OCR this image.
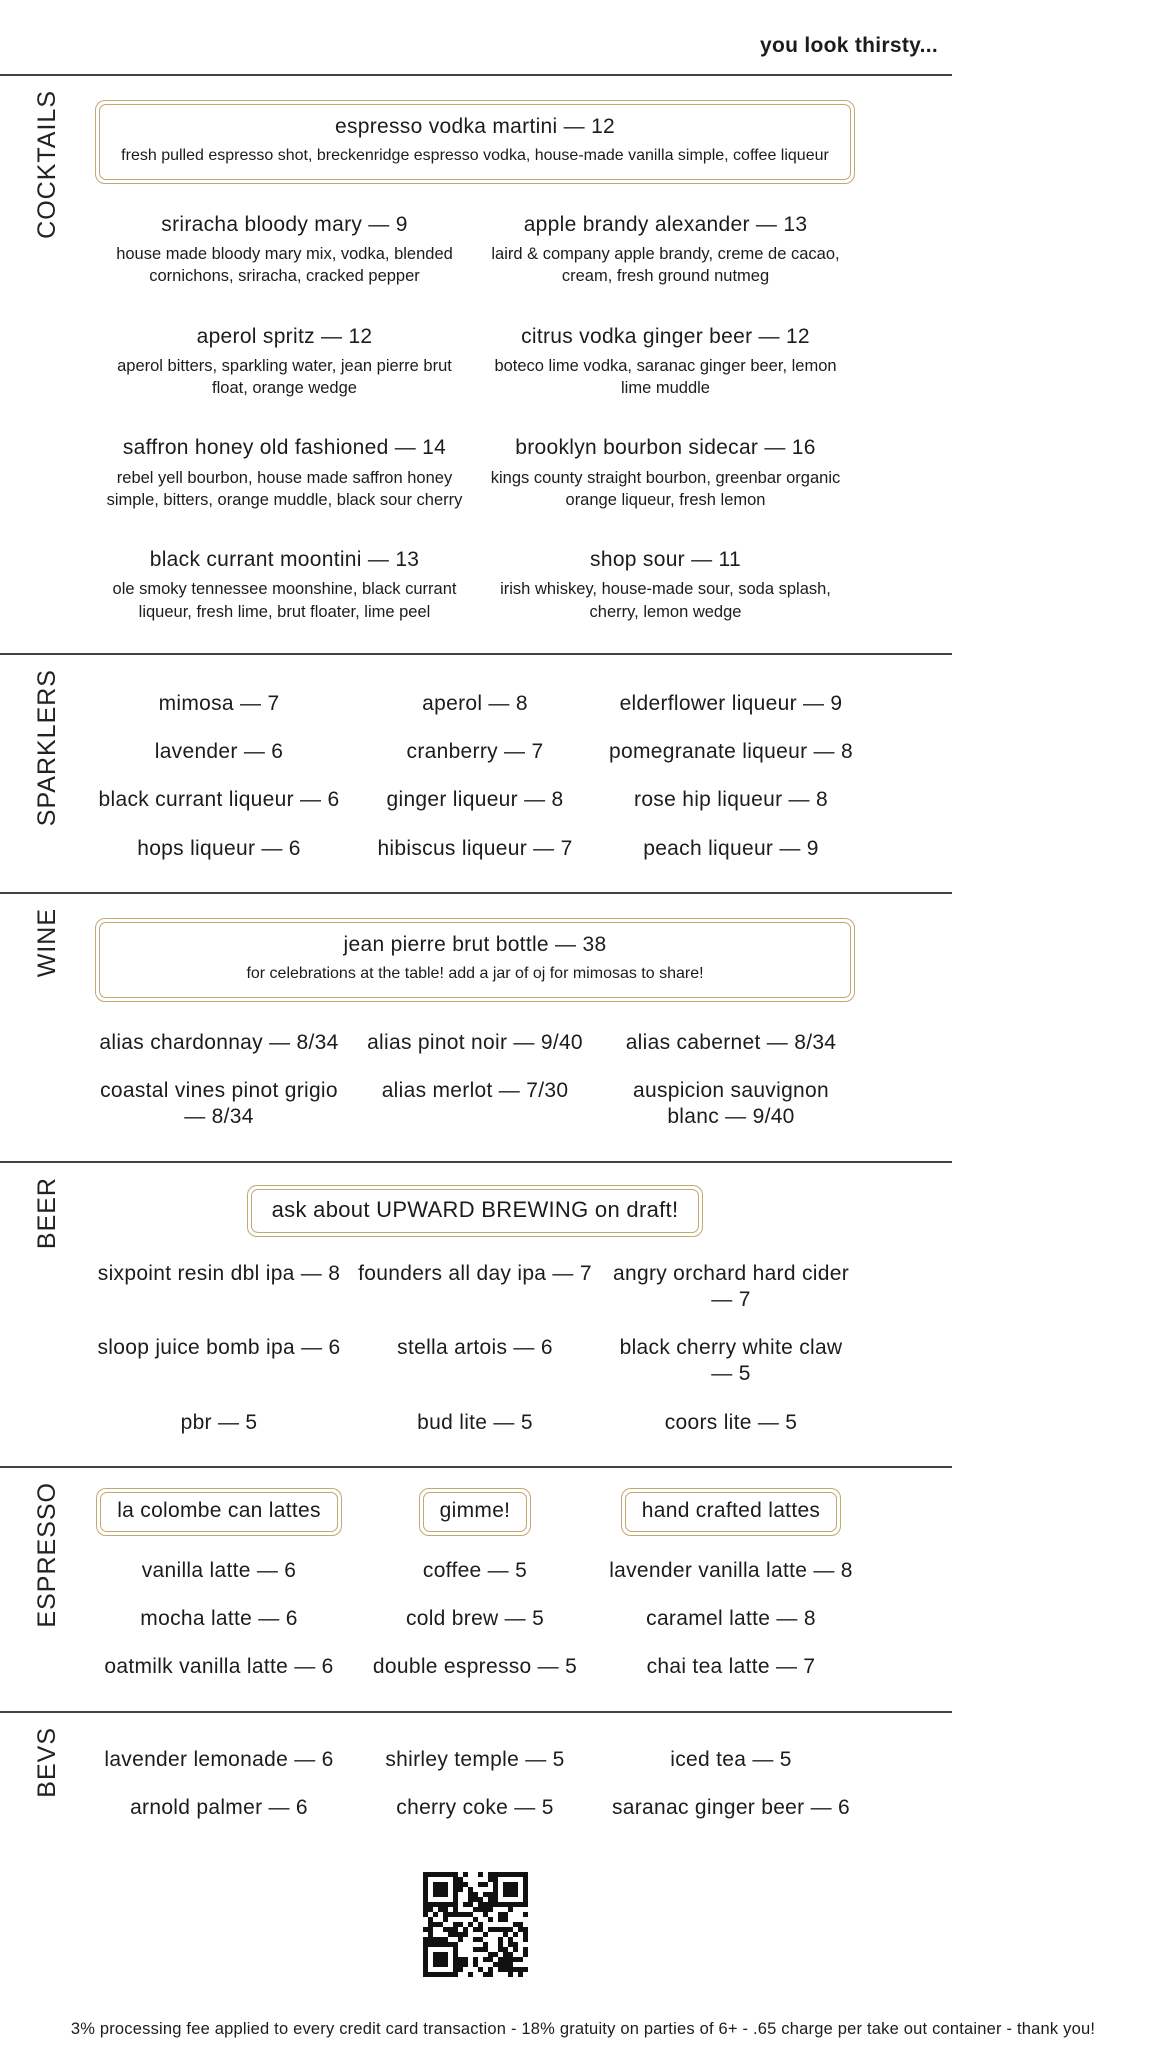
you look thirsty...
COCKTAILS	espresso vodka martini — 12
fresh pulled espresso shot, breckenridge espresso vodka, house-made vanilla simple, coffee liqueur
sriracha bloody mary — 9
house made bloody mary mix, vodka, blended cornichons, sriracha, cracked pepper
apple brandy alexander — 13
laird & company apple brandy, creme de cacao, cream, fresh ground nutmeg
aperol spritz — 12
aperol bitters, sparkling water, jean pierre brut float, orange wedge
citrus vodka ginger beer — 12
boteco lime vodka, saranac ginger beer, lemon lime muddle
saffron honey old fashioned — 14
rebel yell bourbon, house made saffron honey simple, bitters, orange muddle, black sour cherry
brooklyn bourbon sidecar — 16
kings county straight bourbon, greenbar organic orange liqueur, fresh lemon
black currant moontini — 13
ole smoky tennessee moonshine, black currant liqueur, fresh lime, brut floater, lime peel
shop sour — 11
irish whiskey, house-made sour, soda splash, cherry, lemon wedge
SPARKLERS	mimosa — 7	aperol — 8	elderflower liqueur — 9
lavender — 6	cranberry — 7	pomegranate liqueur — 8
black currant liqueur — 6	ginger liqueur — 8	rose hip liqueur — 8
hops liqueur — 6	hibiscus liqueur — 7	peach liqueur — 9
WINE	jean pierre brut bottle — 38
for celebrations at the table! add a jar of oj for mimosas to share!
alias chardonnay — 8/34	alias pinot noir — 9/40	alias cabernet — 8/34
coastal vines pinot grigio — 8/34
alias merlot — 7/30	auspicion sauvignon blanc — 9/40
BEER	ask about UPWARD BREWING on draft!
sixpoint resin dbl ipa — 8 founders all day ipa — 7	angry orchard hard cider — 7
sloop juice bomb ipa — 6	stella artois — 6	black cherry white claw — 5
pbr — 5	bud lite — 5	coors lite — 5
ESPRESSO	la colombe can lattes
vanilla latte — 6
mocha latte — 6
oatmilk vanilla latte — 6
gimme!
coffee — 5
cold brew — 5
double espresso — 5
hand crafted lattes
lavender vanilla latte — 8
caramel latte — 8
chai tea latte — 7
BEVS	lavender lemonade — 6	shirley temple — 5	iced tea — 5
arnold palmer — 6	cherry coke — 5	saranac ginger beer — 6
3% processing fee applied to every credit card transaction - 18% gratuity on parties of 6+ - .65 charge per take out container - thank you!
